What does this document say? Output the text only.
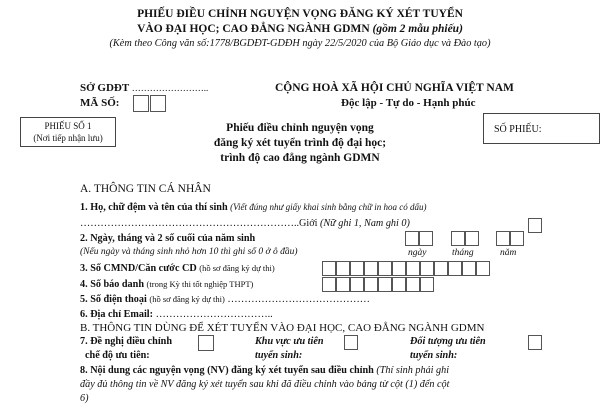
PHIẾU ĐIỀU CHỈNH NGUYỆN VỌNG ĐĂNG KÝ XÉT TUYỂN
VÀO ĐẠI HỌC; CAO ĐẲNG NGÀNH GDMN (gồm 2 mẫu phiếu)
(Kèm theo Công văn số:1778/BGDĐT-GDĐH ngày 22/5/2020 của Bộ Giáo dục và Đào tạo)
SỞ GDĐT ……………………..
MÃ SỐ:
CỘNG HOÀ XÃ HỘI CHỦ NGHĨA VIỆT NAM
Độc lập - Tự do - Hạnh phúc
PHIẾU SỐ 1
(Nơi tiếp nhận lưu)
SỐ PHIẾU:
Phiếu điều chỉnh nguyện vọng
đăng ký xét tuyển trình độ đại học;
trình độ cao đẳng ngành GDMN
A. THÔNG TIN CÁ NHÂN
1. Họ, chữ đệm và tên của thí sinh (Viết đúng như giấy khai sinh bằng chữ in hoa có dấu)
………………………………………………………..Giới (Nữ ghi 1, Nam ghi 0)
2. Ngày, tháng và 2 số cuối của năm sinh
(Nếu ngày và tháng sinh nhỏ hơn 10 thì ghi số 0 ở ô đầu)	ngày	tháng	năm
3. Số CMND/Căn cước CD (hồ sơ đăng ký dự thi)
4. Số báo danh (trong Kỳ thi tốt nghiệp THPT)
5. Số điện thoại (hồ sơ đăng ký dự thi) ……………………………………
6. Địa chỉ Email: ……………………………..
B. THÔNG TIN DÙNG ĐỂ XÉT TUYỂN VÀO ĐẠI HỌC, CAO ĐẲNG NGÀNH GDMN
7. Đề nghị điều chỉnh
chế độ ưu tiên:
Khu vực ưu tiên
tuyển sinh:
Đối tượng ưu tiên
tuyển sinh:
8. Nội dung các nguyện vọng (NV) đăng ký xét tuyển sau điều chỉnh (Thí sinh phải ghi
đầy đủ thông tin về NV đăng ký xét tuyển sau khi đã điều chỉnh vào bảng từ cột (1) đến cột
6)
